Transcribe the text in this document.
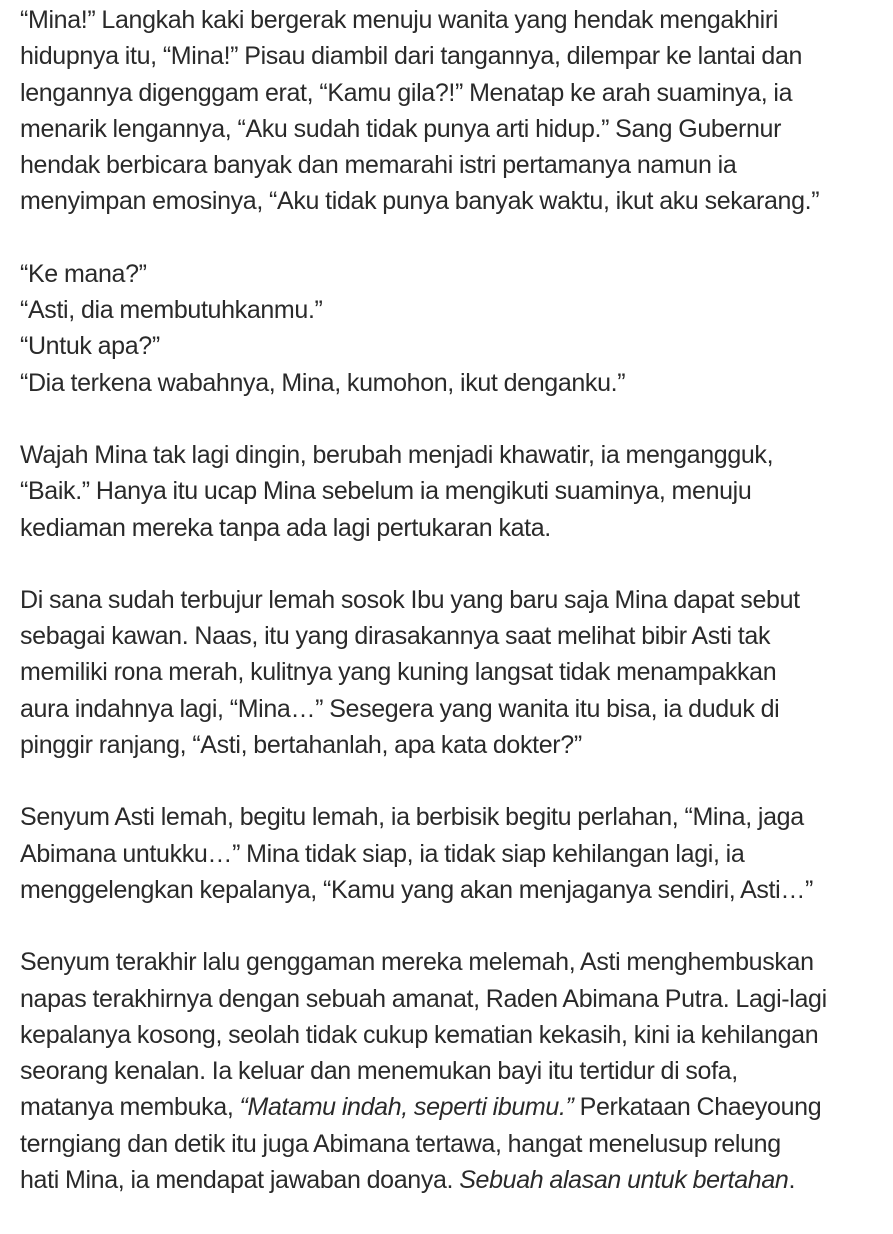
“Mina!” Langkah kaki bergerak menuju wanita yang hendak mengakhiri
hidupnya itu, “Mina!” Pisau diambil dari tangannya, dilempar ke lantai dan
lengannya digenggam erat, “Kamu gila?!” Menatap ke arah suaminya, ia
menarik lengannya, “Aku sudah tidak punya arti hidup.” Sang Gubernur
hendak berbicara banyak dan memarahi istri pertamanya namun ia
menyimpan emosinya, “Aku tidak punya banyak waktu, ikut aku sekarang.”
“Ke mana?”
“Asti, dia membutuhkanmu.”
“Untuk apa?”
“Dia terkena wabahnya, Mina, kumohon, ikut denganku.”
Wajah Mina tak lagi dingin, berubah menjadi khawatir, ia mengangguk,
“Baik.” Hanya itu ucap Mina sebelum ia mengikuti suaminya, menuju
kediaman mereka tanpa ada lagi pertukaran kata.
Di sana sudah terbujur lemah sosok Ibu yang baru saja Mina dapat sebut
sebagai kawan. Naas, itu yang dirasakannya saat melihat bibir Asti tak
memiliki rona merah, kulitnya yang kuning langsat tidak menampakkan
aura indahnya lagi, “Mina…” Sesegera yang wanita itu bisa, ia duduk di
pinggir ranjang, “Asti, bertahanlah, apa kata dokter?”
Senyum Asti lemah, begitu lemah, ia berbisik begitu perlahan, “Mina, jaga
Abimana untukku…” Mina tidak siap, ia tidak siap kehilangan lagi, ia
menggelengkan kepalanya, “Kamu yang akan menjaganya sendiri, Asti…”
Senyum terakhir lalu genggaman mereka melemah, Asti menghembuskan
napas terakhirnya dengan sebuah amanat, Raden Abimana Putra. Lagi-lagi
kepalanya kosong, seolah tidak cukup kematian kekasih, kini ia kehilangan
seorang kenalan. Ia keluar dan menemukan bayi itu tertidur di sofa,
matanya membuka, “Matamu indah, seperti ibumu.” Perkataan Chaeyoung
terngiang dan detik itu juga Abimana tertawa, hangat menelusup relung
hati Mina, ia mendapat jawaban doanya. Sebuah alasan untuk bertahan.
